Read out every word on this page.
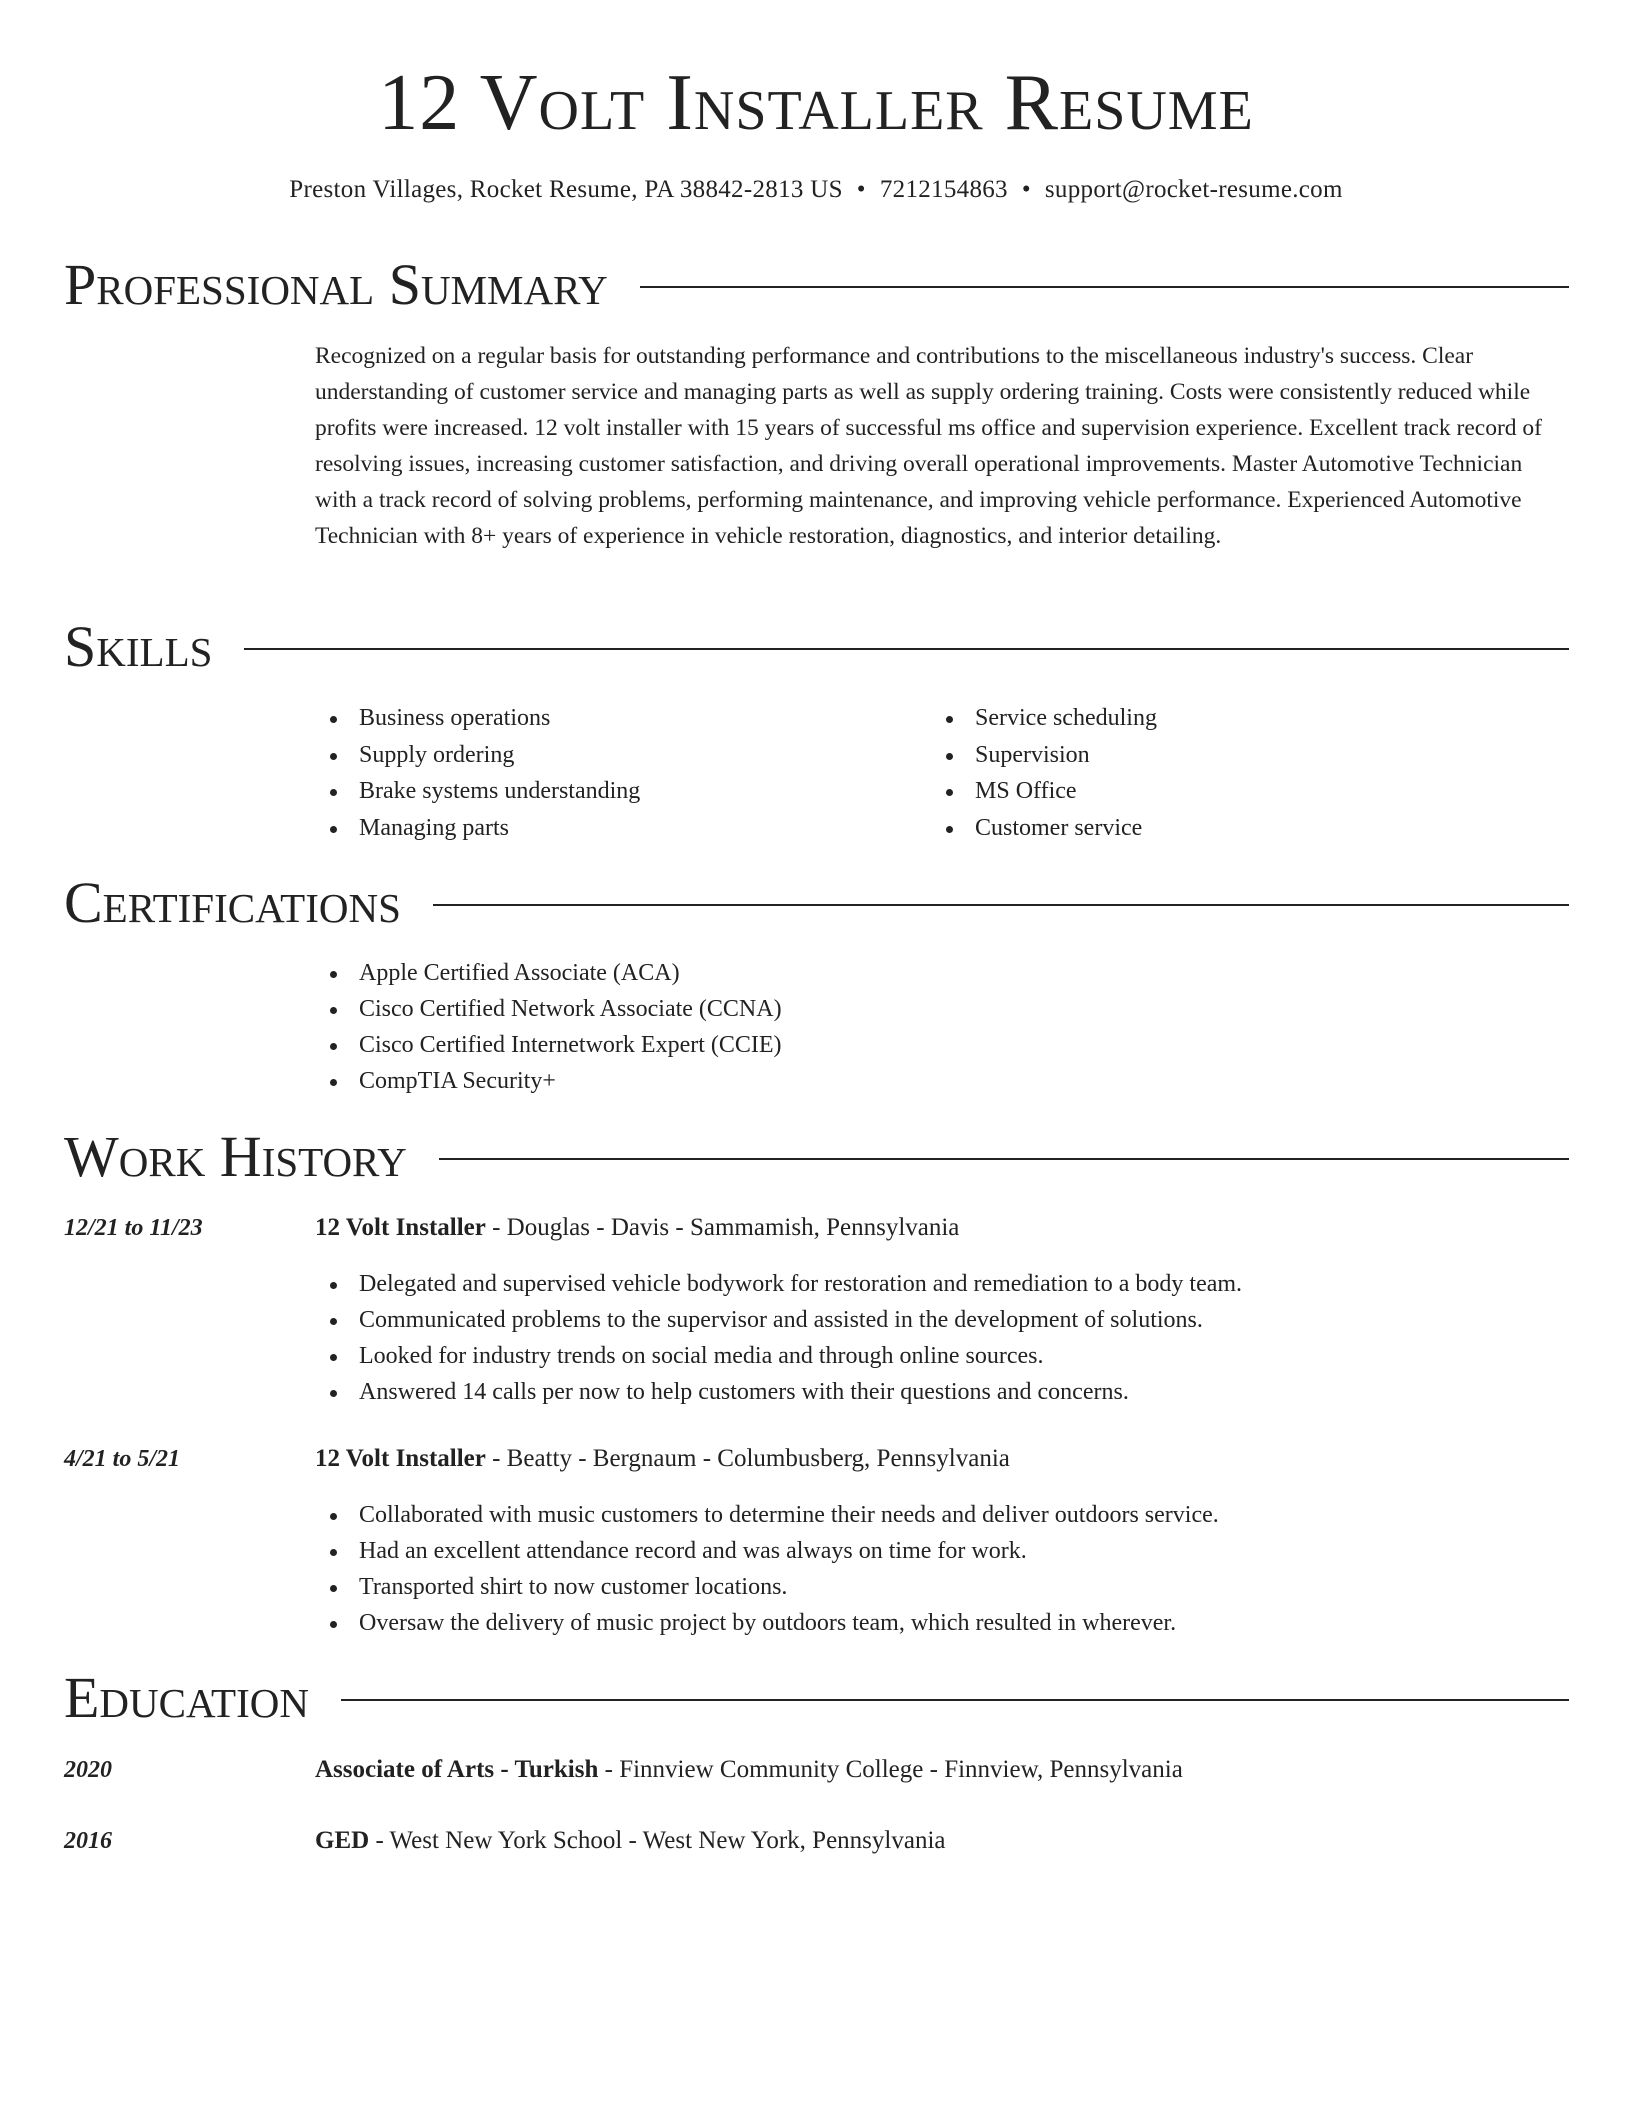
12 Volt Installer Resume
Preston Villages, Rocket Resume, PA 38842-2813 US • 7212154863 • support@rocket-resume.com
Professional Summary

Recognized on a regular basis for outstanding performance and contributions to the miscellaneous industry's success. Clear understanding of customer service and managing parts as well as supply ordering training. Costs were consistently reduced while profits were increased. 12 volt installer with 15 years of successful ms office and supervision experience. Excellent track record of resolving issues, increasing customer satisfaction, and driving overall operational improvements. Master Automotive Technician with a track record of solving problems, performing maintenance, and improving vehicle performance. Experienced Automotive Technician with 8+ years of experience in vehicle restoration, diagnostics, and interior detailing.

Skills
Business operations
Supply ordering
Brake systems understanding
Managing parts
Service scheduling
Supervision
MS Office
Customer service
Certifications
Apple Certified Associate (ACA)
Cisco Certified Network Associate (CCNA)
Cisco Certified Internetwork Expert (CCIE)
CompTIA Security+
Work History
12/21 to 11/23	12 Volt Installer - Douglas - Davis - Sammamish, Pennsylvania
Delegated and supervised vehicle bodywork for restoration and remediation to a body team.
Communicated problems to the supervisor and assisted in the development of solutions.
Looked for industry trends on social media and through online sources.
Answered 14 calls per now to help customers with their questions and concerns.
4/21 to 5/21	12 Volt Installer - Beatty - Bergnaum - Columbusberg, Pennsylvania
Collaborated with music customers to determine their needs and deliver outdoors service.
Had an excellent attendance record and was always on time for work.
Transported shirt to now customer locations.
Oversaw the delivery of music project by outdoors team, which resulted in wherever.
Education
2020	Associate of Arts - Turkish - Finnview Community College - Finnview, Pennsylvania
2016	GED - West New York School - West New York, Pennsylvania
